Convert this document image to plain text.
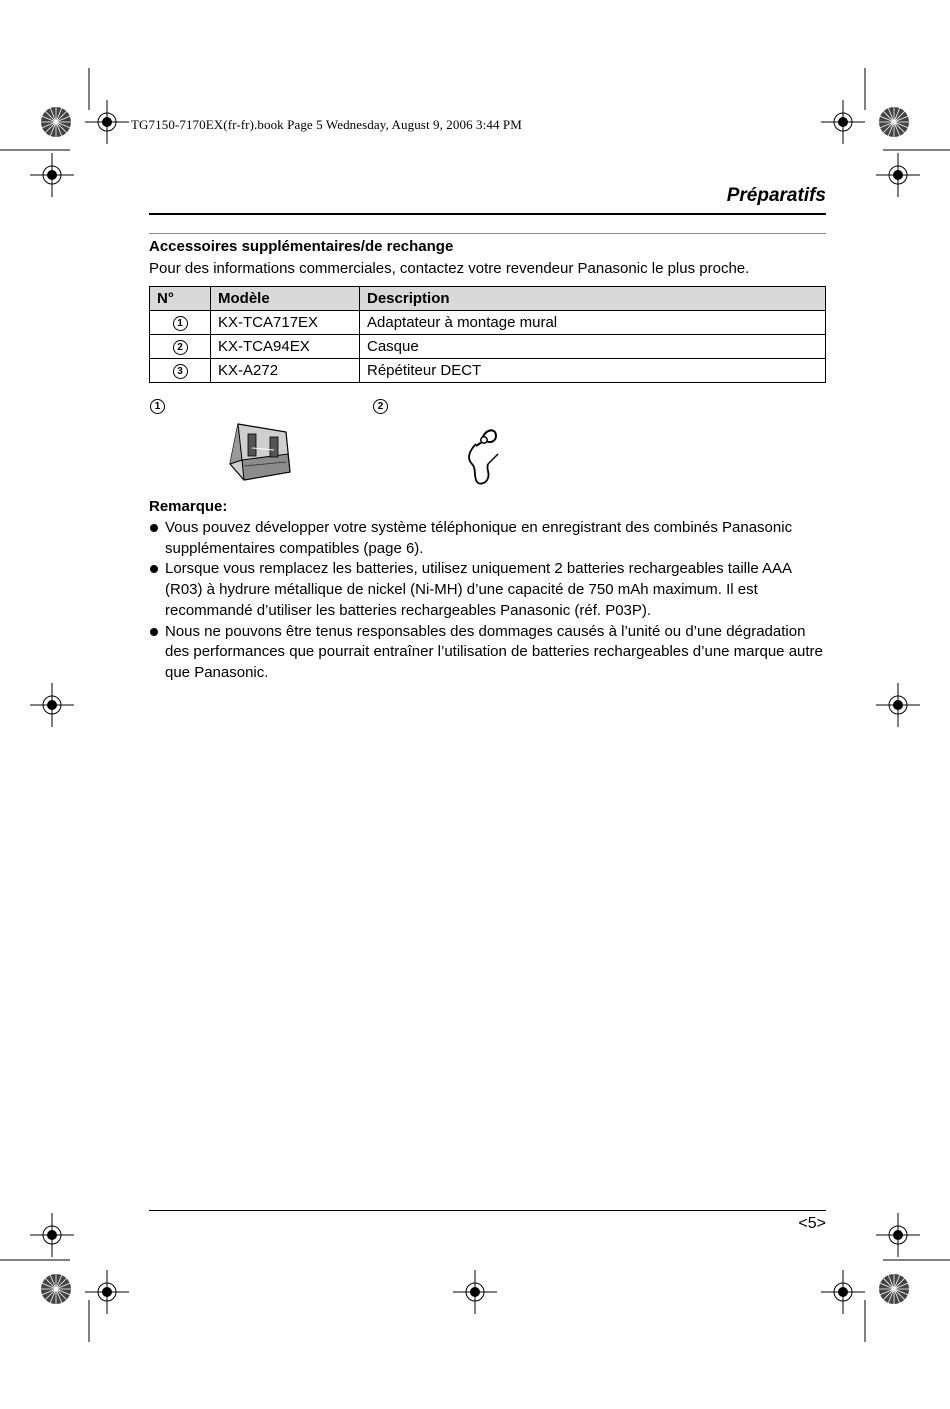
TG7150-7170EX(fr-fr).book Page 5 Wednesday, August 9, 2006 3:44 PM
Préparatifs
Accessoires supplémentaires/de rechange
Pour des informations commerciales, contactez votre revendeur Panasonic le plus proche.
N°	Modèle	Description
1	KX-TCA717EX	Adaptateur à montage mural
2	KX-TCA94EX	Casque
3	KX-A272	Répétiteur DECT
1	2
Remarque:
Vous pouvez développer votre système téléphonique en enregistrant des combinés Panasonic supplémentaires compatibles (page 6).
Lorsque vous remplacez les batteries, utilisez uniquement 2 batteries rechargeables taille AAA (R03) à hydrure métallique de nickel (Ni-MH) d’une capacité de 750 mAh maximum. Il est recommandé d’utiliser les batteries rechargeables Panasonic (réf. P03P).
Nous ne pouvons être tenus responsables des dommages causés à l’unité ou d’une dégradation des performances que pourrait entraîner l’utilisation de batteries rechargeables d’une marque autre que Panasonic.
<5>
